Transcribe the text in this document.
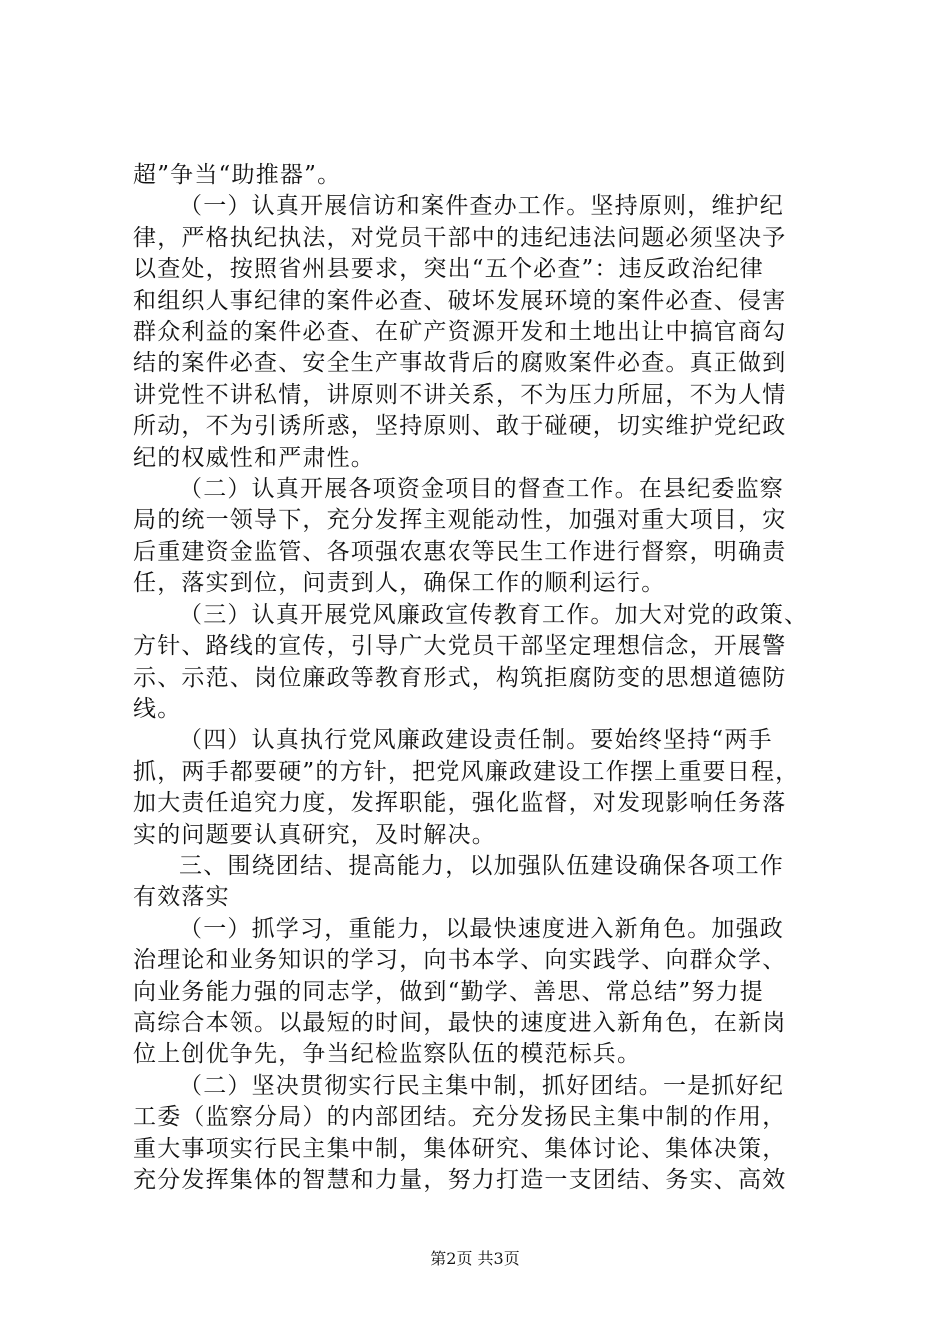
超”争当“助推器”。
（一）认真开展信访和案件查办工作。坚持原则，维护纪
律，严格执纪执法，对党员干部中的违纪违法问题必须坚决予
以查处，按照省州县要求，突出“五个必查”：违反政治纪律
和组织人事纪律的案件必查、破坏发展环境的案件必查、侵害
群众利益的案件必查、在矿产资源开发和土地出让中搞官商勾
结的案件必查、安全生产事故背后的腐败案件必查。真正做到
讲党性不讲私情，讲原则不讲关系，不为压力所屈，不为人情
所动，不为引诱所惑，坚持原则、敢于碰硬，切实维护党纪政
纪的权威性和严肃性。
（二）认真开展各项资金项目的督查工作。在县纪委监察
局的统一领导下，充分发挥主观能动性，加强对重大项目，灾
后重建资金监管、各项强农惠农等民生工作进行督察，明确责
任，落实到位，问责到人，确保工作的顺利运行。
（三）认真开展党风廉政宣传教育工作。加大对党的政策、
方针、路线的宣传，引导广大党员干部坚定理想信念，开展警
示、示范、岗位廉政等教育形式，构筑拒腐防变的思想道德防
线。
（四）认真执行党风廉政建设责任制。要始终坚持“两手
抓，两手都要硬”的方针，把党风廉政建设工作摆上重要日程，
加大责任追究力度，发挥职能，强化监督，对发现影响任务落
实的问题要认真研究，及时解决。
三、围绕团结、提高能力，以加强队伍建设确保各项工作
有效落实
（一）抓学习，重能力，以最快速度进入新角色。加强政
治理论和业务知识的学习，向书本学、向实践学、向群众学、
向业务能力强的同志学，做到“勤学、善思、常总结”努力提
高综合本领。以最短的时间，最快的速度进入新角色，在新岗
位上创优争先，争当纪检监察队伍的模范标兵。
（二）坚决贯彻实行民主集中制，抓好团结。一是抓好纪
工委（监察分局）的内部团结。充分发扬民主集中制的作用，
重大事项实行民主集中制，集体研究、集体讨论、集体决策，
充分发挥集体的智慧和力量，努力打造一支团结、务实、高效
第2页 共3页
